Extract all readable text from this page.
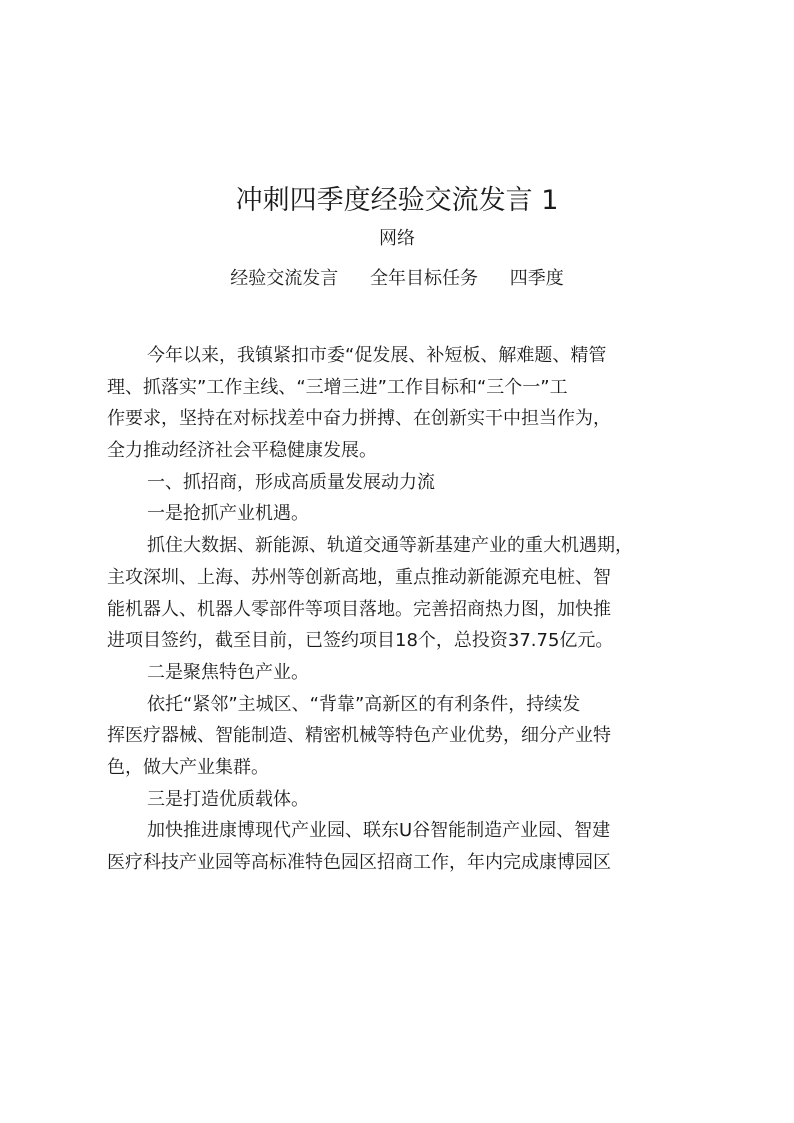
冲刺四季度经验交流发言 1
网络
经验交流发言 全年目标任务 四季度
今年以来，我镇紧扣市委“促发展、补短板、解难题、精管
理、抓落实”工作主线、“三增三进”工作目标和“三个一”工
作要求，坚持在对标找差中奋力拼搏、在创新实干中担当作为，
全力推动经济社会平稳健康发展。
一、抓招商，形成高质量发展动力流
一是抢抓产业机遇。
抓住大数据、新能源、轨道交通等新基建产业的重大机遇期，
主攻深圳、上海、苏州等创新高地，重点推动新能源充电桩、智
能机器人、机器人零部件等项目落地。完善招商热力图，加快推
进项目签约，截至目前，已签约项目18个，总投资37.75亿元。
二是聚焦特色产业。
依托“紧邻”主城区、“背靠”高新区的有利条件，持续发
挥医疗器械、智能制造、精密机械等特色产业优势，细分产业特
色，做大产业集群。
三是打造优质载体。
加快推进康博现代产业园、联东U谷智能制造产业园、智建
医疗科技产业园等高标准特色园区招商工作，年内完成康博园区
